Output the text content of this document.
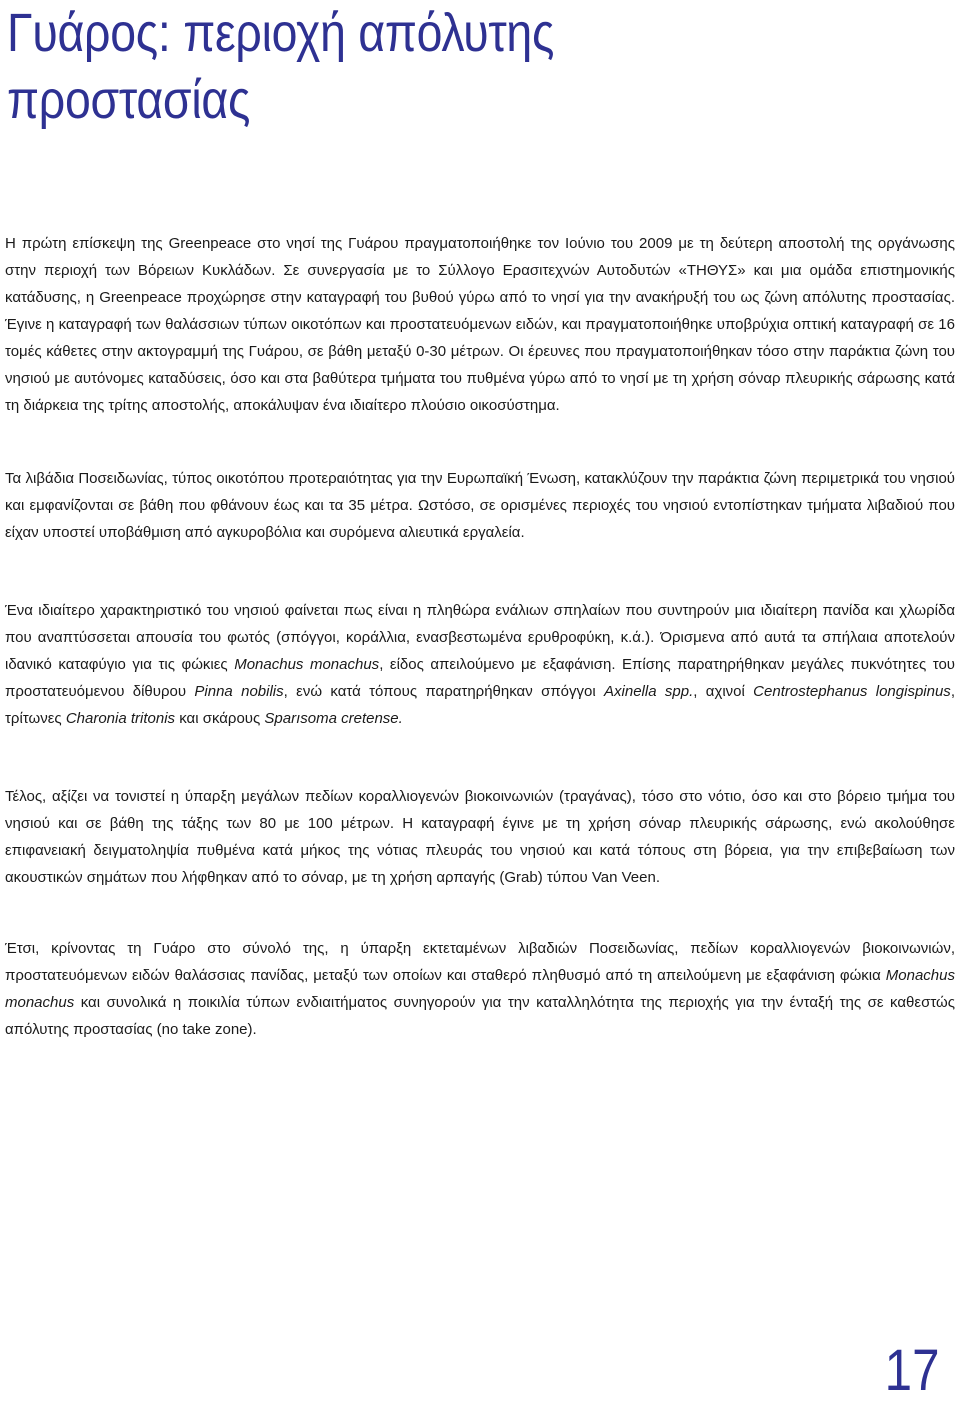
Γυάρος: περιοχή απόλυτης προστασίας
Η πρώτη επίσκεψη της Greenpeace στο νησί της Γυάρου πραγματοποιήθηκε τον Ιούνιο του 2009 με τη δεύτερη αποστολή της οργάνωσης στην περιοχή των Βόρειων Κυκλάδων. Σε συνεργασία με το Σύλλογο Ερασιτεχνών Αυτοδυτών «ΤΗΘΥΣ» και μια ομάδα επιστημονικής κατάδυσης, η Greenpeace προχώρησε στην καταγραφή του βυθού γύρω από το νησί για την ανακήρυξή του ως ζώνη απόλυτης προστασίας. Έγινε η καταγραφή των θαλάσσιων τύπων οικοτόπων και προστατευόμενων ειδών, και πραγματοποιήθηκε υποβρύχια οπτική καταγραφή σε 16 τομές κάθετες στην ακτογραμμή της Γυάρου, σε βάθη μεταξύ 0-30 μέτρων. Οι έρευνες που πραγματοποιήθηκαν τόσο στην παράκτια ζώνη του νησιού με αυτόνομες καταδύσεις, όσο και στα βαθύτερα τμήματα του πυθμένα γύρω από το νησί με τη χρήση σόναρ πλευρικής σάρωσης κατά τη διάρκεια της τρίτης αποστολής, αποκάλυψαν ένα ιδιαίτερο πλούσιο οικοσύστημα.
Τα λιβάδια Ποσειδωνίας, τύπος οικοτόπου προτεραιότητας για την Ευρωπαϊκή Ένωση, κατακλύζουν την παράκτια ζώνη περιμετρικά του νησιού και εμφανίζονται σε βάθη που φθάνουν έως και τα 35 μέτρα. Ωστόσο, σε ορισμένες περιοχές του νησιού εντοπίστηκαν τμήματα λιβαδιού που είχαν υποστεί υποβάθμιση από αγκυροβόλια και συρόμενα αλιευτικά εργαλεία.
Ένα ιδιαίτερο χαρακτηριστικό του νησιού φαίνεται πως είναι η πληθώρα ενάλιων σπηλαίων που συντηρούν μια ιδιαίτερη πανίδα και χλωρίδα που αναπτύσσεται απουσία του φωτός (σπόγγοι, κοράλλια, ενασβεστωμένα ερυθροφύκη, κ.ά.). Όρισμενα από αυτά τα σπήλαια αποτελούν ιδανικό καταφύγιο για τις φώκιες Monachus monachus, είδος απειλούμενο με εξαφάνιση. Επίσης παρατηρήθηκαν μεγάλες πυκνότητες του προστατευόμενου δίθυρου Pinna nobilis, ενώ κατά τόπους παρατηρήθηκαν σπόγγοι Axinella spp., αχινοί Centrostephanus longispinus, τρίτωνες Charonia tritonis και σκάρους Sparısoma cretense.
Τέλος, αξίζει να τονιστεί η ύπαρξη μεγάλων πεδίων κοραλλιογενών βιοκοινωνιών (τραγάνας), τόσο στο νότιο, όσο και στο βόρειο τμήμα του νησιού και σε βάθη της τάξης των 80 με 100 μέτρων. Η καταγραφή έγινε με τη χρήση σόναρ πλευρικής σάρωσης, ενώ ακολούθησε επιφανειακή δειγματοληψία πυθμένα κατά μήκος της νότιας πλευράς του νησιού και κατά τόπους στη βόρεια, για την επιβεβαίωση των ακουστικών σημάτων που λήφθηκαν από το σόναρ, με τη χρήση αρπαγής (Grab) τύπου Van Veen.
Έτσι, κρίνοντας τη Γυάρο στο σύνολό της, η ύπαρξη εκτεταμένων λιβαδιών Ποσειδωνίας, πεδίων κοραλλιογενών βιοκοινωνιών, προστατευόμενων ειδών θαλάσσιας πανίδας, μεταξύ των οποίων και σταθερό πληθυσμό από τη απειλούμενη με εξαφάνιση φώκια Monachus monachus και συνολικά η ποικιλία τύπων ενδιαιτήματος συνηγορούν για την καταλληλότητα της περιοχής για την ένταξή της σε καθεστώς απόλυτης προστασίας (no take zone).
17
